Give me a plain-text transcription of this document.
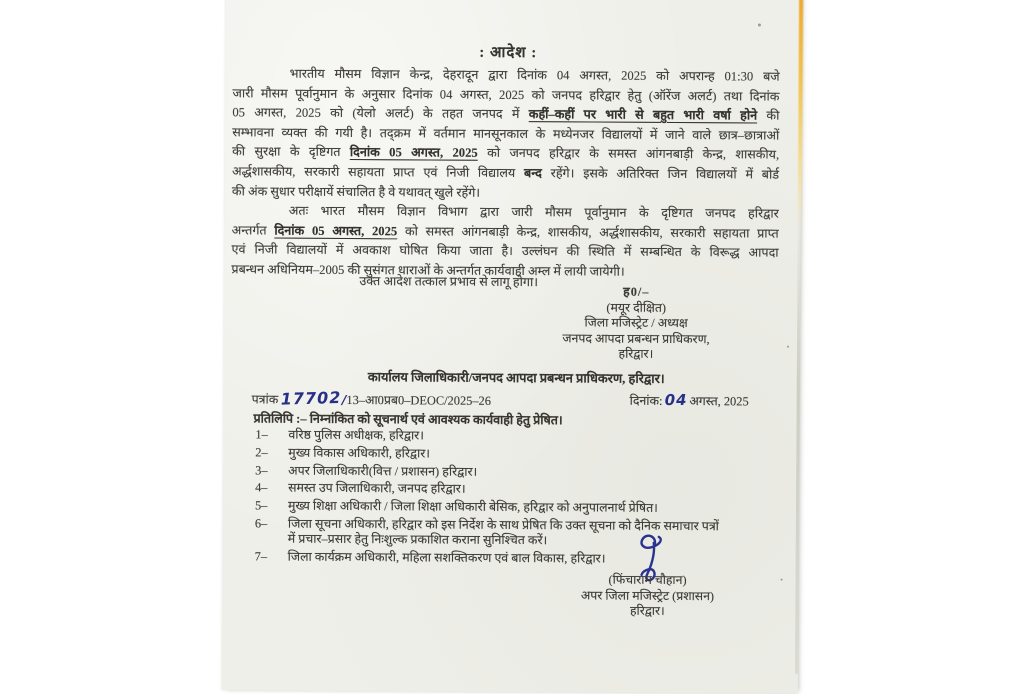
: आदेश :
भारतीय मौसम विज्ञान केन्द्र, देहरादून द्वारा दिनांक 04 अगस्त, 2025 को अपरान्ह 01:30 बजे
जारी मौसम पूर्वानुमान के अनुसार दिनांक 04 अगस्त, 2025 को जनपद हरिद्वार हेतु (ऑरेंज अलर्ट) तथा दिनांक
05 अगस्त, 2025 को (येलो अलर्ट) के तहत जनपद में कहीं–कहीं पर भारी से बहुत भारी वर्षा होने की
सम्भावना व्यक्त की गयी है। तद्क्रम में वर्तमान मानसूनकाल के मध्येनजर विद्यालयों में जाने वाले छात्र–छात्राओं
की सुरक्षा के दृष्टिगत दिनांक 05 अगस्त, 2025 को जनपद हरिद्वार के समस्त आंगनबाड़ी केन्द्र, शासकीय,
अर्द्धशासकीय, सरकारी सहायता प्राप्त एवं निजी विद्यालय बन्द रहेंगे। इसके अतिरिक्त जिन विद्यालयों में बोर्ड
की अंक सुधार परीक्षायें संचालित है वे यथावत् खुले रहेंगे।
अतः भारत मौसम विज्ञान विभाग द्वारा जारी मौसम पूर्वानुमान के दृष्टिगत जनपद हरिद्वार
अन्तर्गत दिनांक 05 अगस्त, 2025 को समस्त आंगनबाड़ी केन्द्र, शासकीय, अर्द्धशासकीय, सरकारी सहायता प्राप्त
एवं निजी विद्यालयों में अवकाश घोषित किया जाता है। उल्लंघन की स्थिति में सम्बन्धित के विरूद्ध आपदा
प्रबन्धन अधिनियम–2005 की सुसंगत धाराओं के अन्तर्गत कार्यवाही अम्ल में लायी जायेगी।
उक्त आदेश तत्काल प्रभाव से लागू होगा।
ह0/–
(मयूर दीक्षित)
जिला मजिस्ट्रेट / अध्यक्ष
जनपद आपदा प्रबन्धन प्राधिकरण,
हरिद्वार।
कार्यालय जिलाधिकारी/जनपद आपदा प्रबन्धन प्राधिकरण, हरिद्वार।
पत्रांक 17702/13–आ0प्रब0–DEOC/2025–26	दिनांक: 04 अगस्त, 2025
प्रतिलिपि :– निम्नांकित को सूचनार्थ एवं आवश्यक कार्यवाही हेतु प्रेषित।
1–	वरिष्ठ पुलिस अधीक्षक, हरिद्वार।
2–	मुख्य विकास अधिकारी, हरिद्वार।
3–	अपर जिलाधिकारी(वित्त / प्रशासन) हरिद्वार।
4–	समस्त उप जिलाधिकारी, जनपद हरिद्वार।
5–	मुख्य शिक्षा अधिकारी / जिला शिक्षा अधिकारी बेसिक, हरिद्वार को अनुपालनार्थ प्रेषित।
6–	जिला सूचना अधिकारी, हरिद्वार को इस निर्देश के साथ प्रेषित कि उक्त सूचना को दैनिक समाचार पत्रों
में प्रचार–प्रसार हेतु निःशुल्क प्रकाशित कराना सुनिश्चित करें।
7–	जिला कार्यक्रम अधिकारी, महिला सशक्तिकरण एवं बाल विकास, हरिद्वार।
(फिंचाराम चौहान)
अपर जिला मजिस्ट्रेट (प्रशासन)
हरिद्वार।
